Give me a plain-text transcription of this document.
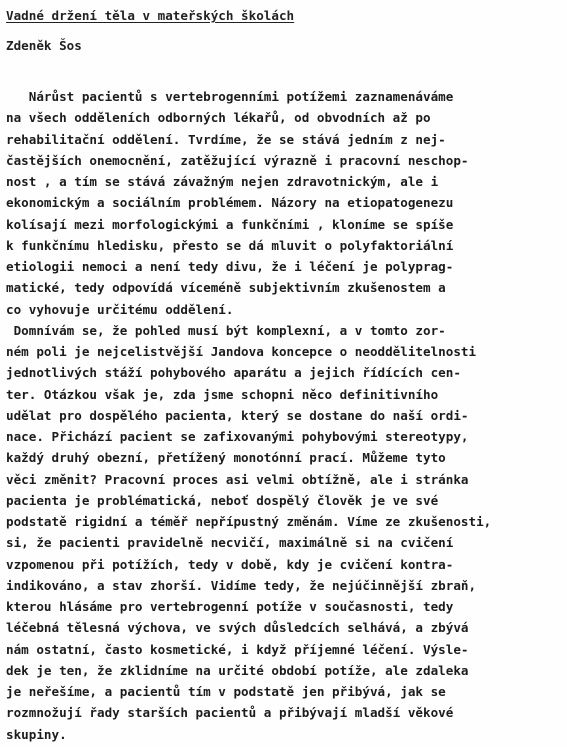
Vadné držení těla v mateřských školách

Zdeněk Šos

Nárůst pacientů s vertebrogenními potížemi zaznamenáváme
na všech odděleních odborných lékařů, od obvodních až po
rehabilitační oddělení. Tvrdíme, že se stává jedním z nej-
častějších onemocnění, zatěžující výrazně i pracovní neschop-
nost , a tím se stává závažným nejen zdravotnickým, ale i
ekonomickým a sociálním problémem. Názory na etiopatogenezu
kolísají mezi morfologickými a funkčními , kloníme se spíše
k funkčnímu hledisku, přesto se dá mluvit o polyfaktoriální
etiologii nemoci a není tedy divu, že i léčení je polyprag-
matické, tedy odpovídá víceméně subjektivním zkušenostem a
co vyhovuje určitému oddělení.
Domnívám se, že pohled musí být komplexní, a v tomto zor-
ném poli je nejcelistvější Jandova koncepce o neoddělitelnosti
jednotlivých stáží pohybového aparátu a jejich řídících cen-
ter. Otázkou však je, zda jsme schopni něco definitivního
udělat pro dospělého pacienta, který se dostane do naší ordi-
nace. Přichází pacient se zafixovanými pohybovými stereotypy,
každý druhý obezní, přetížený monotónní prací. Můžeme tyto
věci změnit? Pracovní proces asi velmi obtížně, ale i stránka
pacienta je problématická, neboť dospělý člověk je ve své
podstatě rigidní a téměř nepřípustný změnám. Víme ze zkušenosti,
si, že pacienti pravidelně necvičí, maximálně si na cvičení
vzpomenou při potížích, tedy v době, kdy je cvičení kontra-
indikováno, a stav zhorší. Vidíme tedy, že nejúčinnější zbraň,
kterou hlásáme pro vertebrogenní potíže v současnosti, tedy
léčebná tělesná výchova, ve svých důsledcích selhává, a zbývá
nám ostatní, často kosmetické, i když příjemné léčení. Výsle-
dek je ten, že zklidníme na určité období potíže, ale zdaleka
je neřešíme, a pacientů tím v podstatě jen přibývá, jak se
rozmnožují řady starších pacientů a přibývají mladší věkové
skupiny.
